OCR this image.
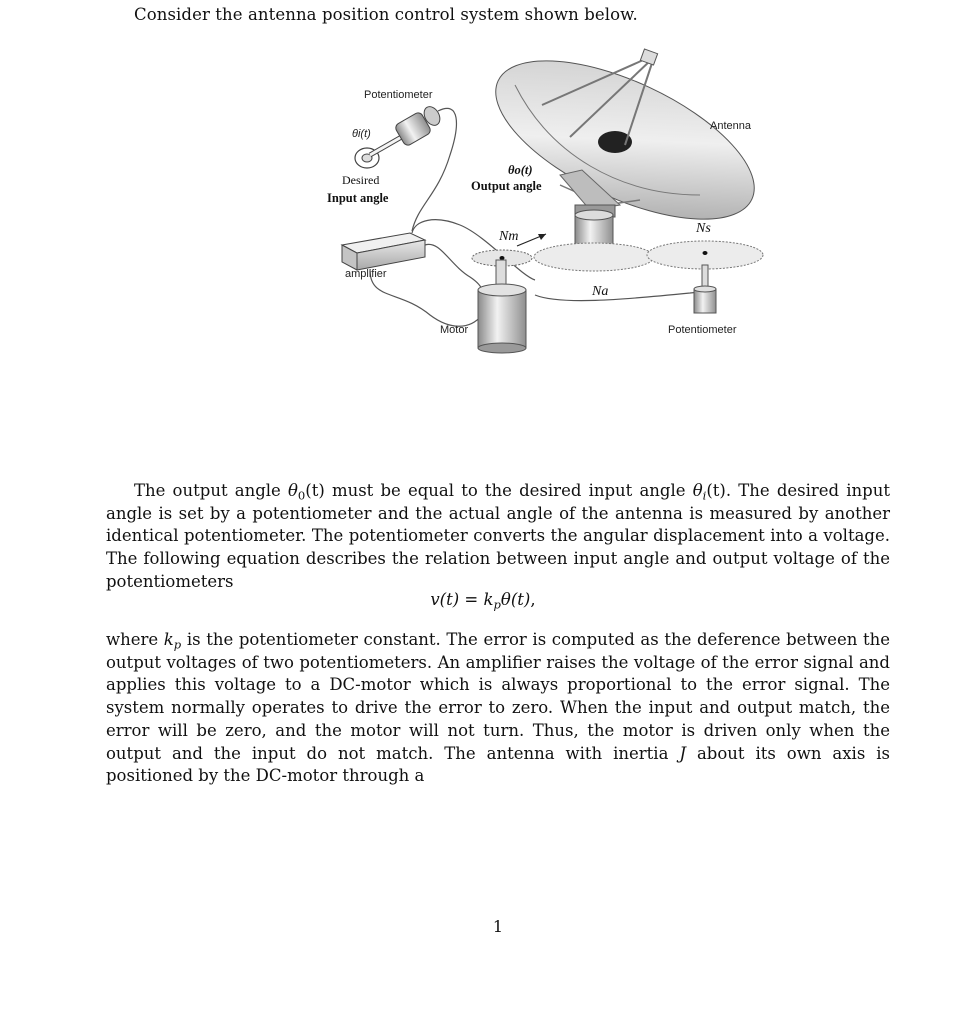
Consider the antenna position control system shown below.
Potentiometer
θi(t)
Desired
Input angle
amplifier
Motor
θo(t)
Output angle
Antenna
Nm
Ns
Na
Potentiometer
The output angle $\theta_0(t)$ must be equal to the desired input angle $\theta_i(t)$. The desired input angle is set by a potentiometer and the actual angle of the antenna is measured by another identical potentiometer. The potentiometer converts the angular displacement into a voltage. The following equation describes the relation between input angle and output voltage of the potentiometers
$v(t) = k_p\theta(t)$,
where $k_p$ is the potentiometer constant. The error is computed as the deference between the output voltages of two potentiometers. An amplifier raises the voltage of the error signal and applies this voltage to a DC-motor which is always proportional to the error signal. The system normally operates to drive the error to zero. When the input and output match, the error will be zero, and the motor will not turn. Thus, the motor is driven only when the output and the input do not match. The antenna with inertia J about its own axis is positioned by the DC-motor through a
1
